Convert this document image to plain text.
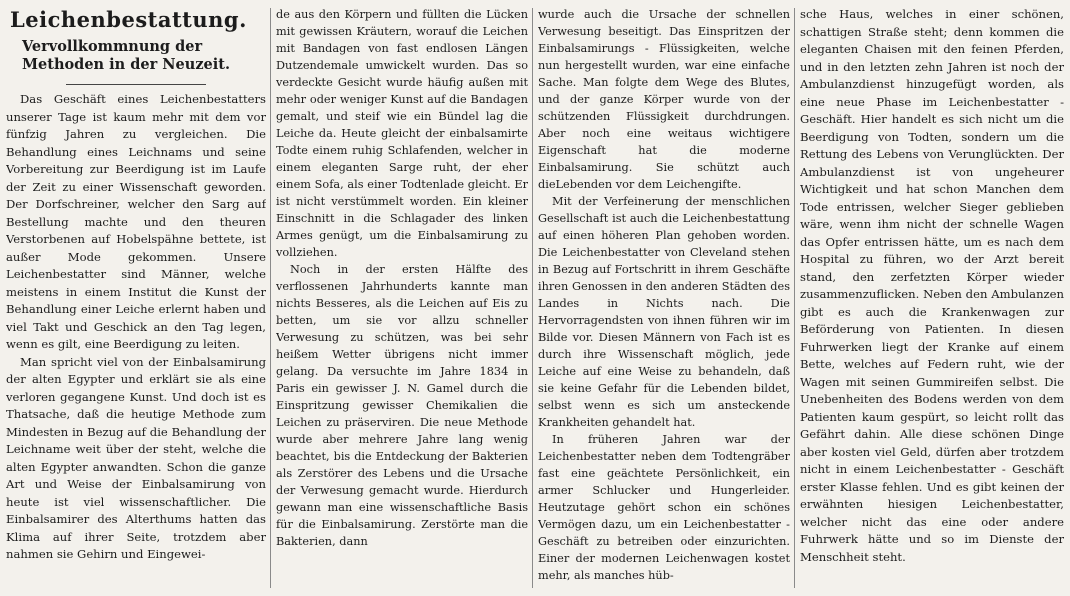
Leichenbestattung.
Vervollkommnung der Methoden in der Neuzeit.

Das Geschäft eines Leichenbestatters unserer Tage ist kaum mehr mit dem vor fünfzig Jahren zu vergleichen. Die Behandlung eines Leichnams und seine Vorbereitung zur Beerdigung ist im Laufe der Zeit zu einer Wissenschaft geworden. Der Dorfschreiner, welcher den Sarg auf Bestellung machte und den theuren Verstorbenen auf Hobelspähne bettete, ist außer Mode gekommen. Unsere Leichenbestatter sind Männer, welche meistens in einem Institut die Kunst der Behandlung einer Leiche erlernt haben und viel Takt und Geschick an den Tag legen, wenn es gilt, eine Beerdigung zu leiten.

Man spricht viel von der Einbalsamirung der alten Egypter und erklärt sie als eine verloren gegangene Kunst. Und doch ist es Thatsache, daß die heutige Methode zum Mindesten in Bezug auf die Behandlung der Leichname weit über der steht, welche die alten Egypter anwandten. Schon die ganze Art und Weise der Einbalsamirung von heute ist viel wissenschaftlicher. Die Einbalsamirer des Alterthums hatten das Klima auf ihrer Seite, trotzdem aber nahmen sie Gehirn und Eingewei-

de aus den Körpern und füllten die Lücken mit gewissen Kräutern, worauf die Leichen mit Bandagen von fast endlosen Längen Dutzendemale umwickelt wurden. Das so verdeckte Gesicht wurde häufig außen mit mehr oder weniger Kunst auf die Bandagen gemalt, und steif wie ein Bündel lag die Leiche da. Heute gleicht der einbalsamirte Todte einem ruhig Schlafenden, welcher in einem eleganten Sarge ruht, der eher einem Sofa, als einer Todtenlade gleicht. Er ist nicht verstümmelt worden. Ein kleiner Einschnitt in die Schlagader des linken Armes genügt, um die Einbalsamirung zu vollziehen.

Noch in der ersten Hälfte des verflossenen Jahrhunderts kannte man nichts Besseres, als die Leichen auf Eis zu betten, um sie vor allzu schneller Verwesung zu schützen, was bei sehr heißem Wetter übrigens nicht immer gelang. Da versuchte im Jahre 1834 in Paris ein gewisser J. N. Gamel durch die Einspritzung gewisser Chemikalien die Leichen zu präserviren. Die neue Methode wurde aber mehrere Jahre lang wenig beachtet, bis die Entdeckung der Bakterien als Zerstörer des Lebens und die Ursache der Verwesung gemacht wurde. Hierdurch gewann man eine wissenschaftliche Basis für die Einbalsamirung. Zerstörte man die Bakterien, dann

wurde auch die Ursache der schnellen Verwesung beseitigt. Das Einspritzen der Einbalsamirungs - Flüssigkeiten, welche nun hergestellt wurden, war eine einfache Sache. Man folgte dem Wege des Blutes, und der ganze Körper wurde von der schützenden Flüssigkeit durchdrungen. Aber noch eine weitaus wichtigere Eigenschaft hat die moderne Einbalsamirung. Sie schützt auch dieLebenden vor dem Leichengifte.

Mit der Verfeinerung der menschlichen Gesellschaft ist auch die Leichenbestattung auf einen höheren Plan gehoben worden. Die Leichenbestatter von Cleveland stehen in Bezug auf Fortschritt in ihrem Geschäfte ihren Genossen in den anderen Städten des Landes in Nichts nach. Die Hervorragendsten von ihnen führen wir im Bilde vor. Diesen Männern von Fach ist es durch ihre Wissenschaft möglich, jede Leiche auf eine Weise zu behandeln, daß sie keine Gefahr für die Lebenden bildet, selbst wenn es sich um ansteckende Krankheiten gehandelt hat.

In früheren Jahren war der Leichenbestatter neben dem Todtengräber fast eine geächtete Persönlichkeit, ein armer Schlucker und Hungerleider. Heutzutage gehört schon ein schönes Vermögen dazu, um ein Leichenbestatter - Geschäft zu betreiben oder einzurichten. Einer der modernen Leichenwagen kostet mehr, als manches hüb-

sche Haus, welches in einer schönen, schattigen Straße steht; denn kommen die eleganten Chaisen mit den feinen Pferden, und in den letzten zehn Jahren ist noch der Ambulanzdienst hinzugefügt worden, als eine neue Phase im Leichenbestatter - Geschäft. Hier handelt es sich nicht um die Beerdigung von Todten, sondern um die Rettung des Lebens von Verunglückten. Der Ambulanzdienst ist von ungeheurer Wichtigkeit und hat schon Manchen dem Tode entrissen, welcher Sieger geblieben wäre, wenn ihm nicht der schnelle Wagen das Opfer entrissen hätte, um es nach dem Hospital zu führen, wo der Arzt bereit stand, den zerfetzten Körper wieder zusammenzuflicken. Neben den Ambulanzen gibt es auch die Krankenwagen zur Beförderung von Patienten. In diesen Fuhrwerken liegt der Kranke auf einem Bette, welches auf Federn ruht, wie der Wagen mit seinen Gummireifen selbst. Die Unebenheiten des Bodens werden von dem Patienten kaum gespürt, so leicht rollt das Gefährt dahin. Alle diese schönen Dinge aber kosten viel Geld, dürfen aber trotzdem nicht in einem Leichenbestatter - Geschäft erster Klasse fehlen. Und es gibt keinen der erwähnten hiesigen Leichenbestatter, welcher nicht das eine oder andere Fuhrwerk hätte und so im Dienste der Menschheit steht.
